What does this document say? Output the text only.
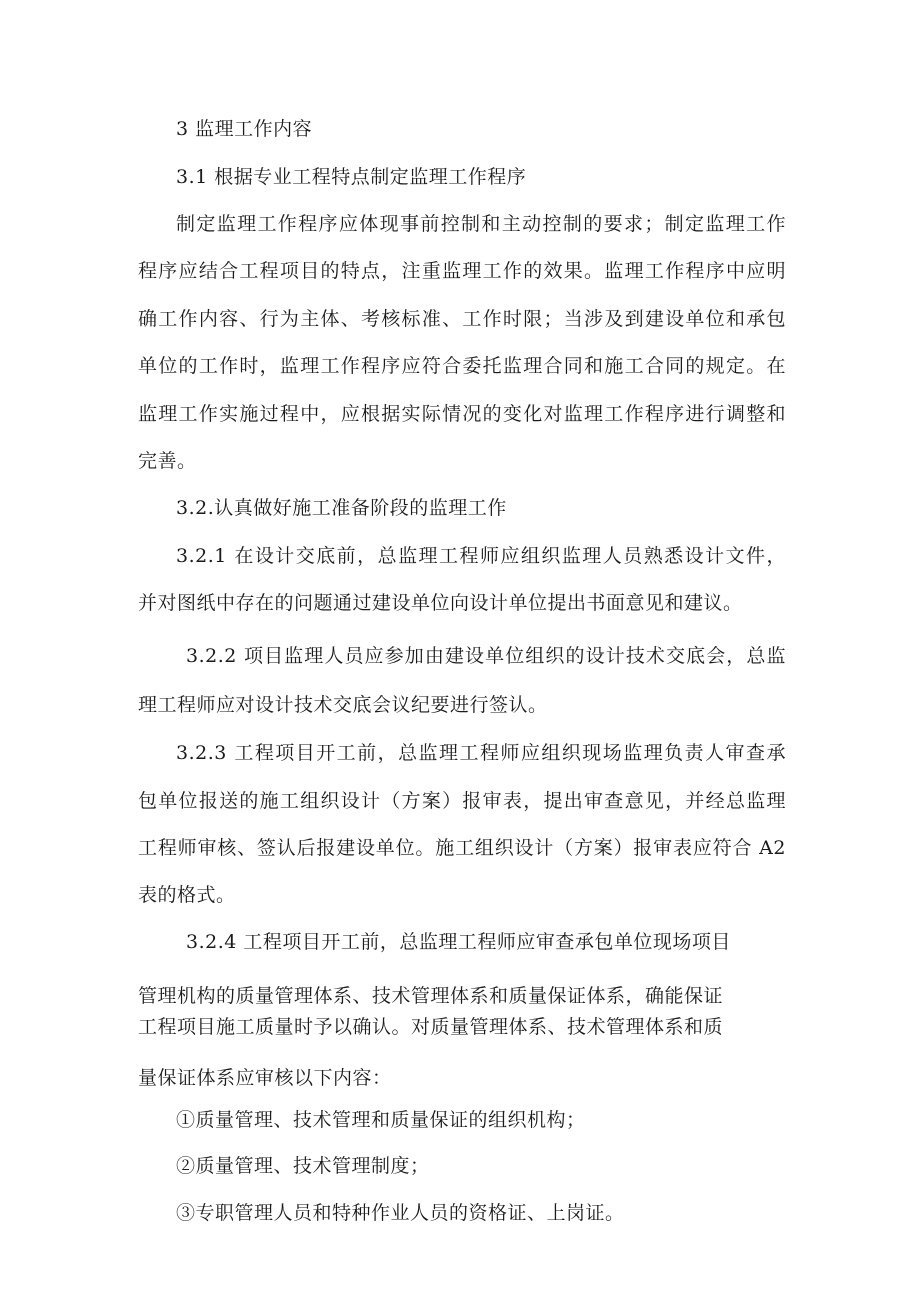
3 监理工作内容
3.1 根据专业工程特点制定监理工作程序
制定监理工作程序应体现事前控制和主动控制的要求；制定监理工作
程序应结合工程项目的特点，注重监理工作的效果。监理工作程序中应明
确工作内容、行为主体、考核标准、工作时限；当涉及到建设单位和承包
单位的工作时，监理工作程序应符合委托监理合同和施工合同的规定。在
监理工作实施过程中，应根据实际情况的变化对监理工作程序进行调整和
完善。
3.2.认真做好施工准备阶段的监理工作
3.2.1 在设计交底前，总监理工程师应组织监理人员熟悉设计文件，
并对图纸中存在的问题通过建设单位向设计单位提出书面意见和建议。
3.2.2 项目监理人员应参加由建设单位组织的设计技术交底会，总监
理工程师应对设计技术交底会议纪要进行签认。
3.2.3 工程项目开工前，总监理工程师应组织现场监理负责人审查承
包单位报送的施工组织设计（方案）报审表，提出审查意见，并经总监理
工程师审核、签认后报建设单位。施工组织设计（方案）报审表应符合 A2
表的格式。
3.2.4 工程项目开工前，总监理工程师应审查承包单位现场项目
管理机构的质量管理体系、技术管理体系和质量保证体系，确能保证
工程项目施工质量时予以确认。对质量管理体系、技术管理体系和质
量保证体系应审核以下内容：
①质量管理、技术管理和质量保证的组织机构；
②质量管理、技术管理制度；
③专职管理人员和特种作业人员的资格证、上岗证。
